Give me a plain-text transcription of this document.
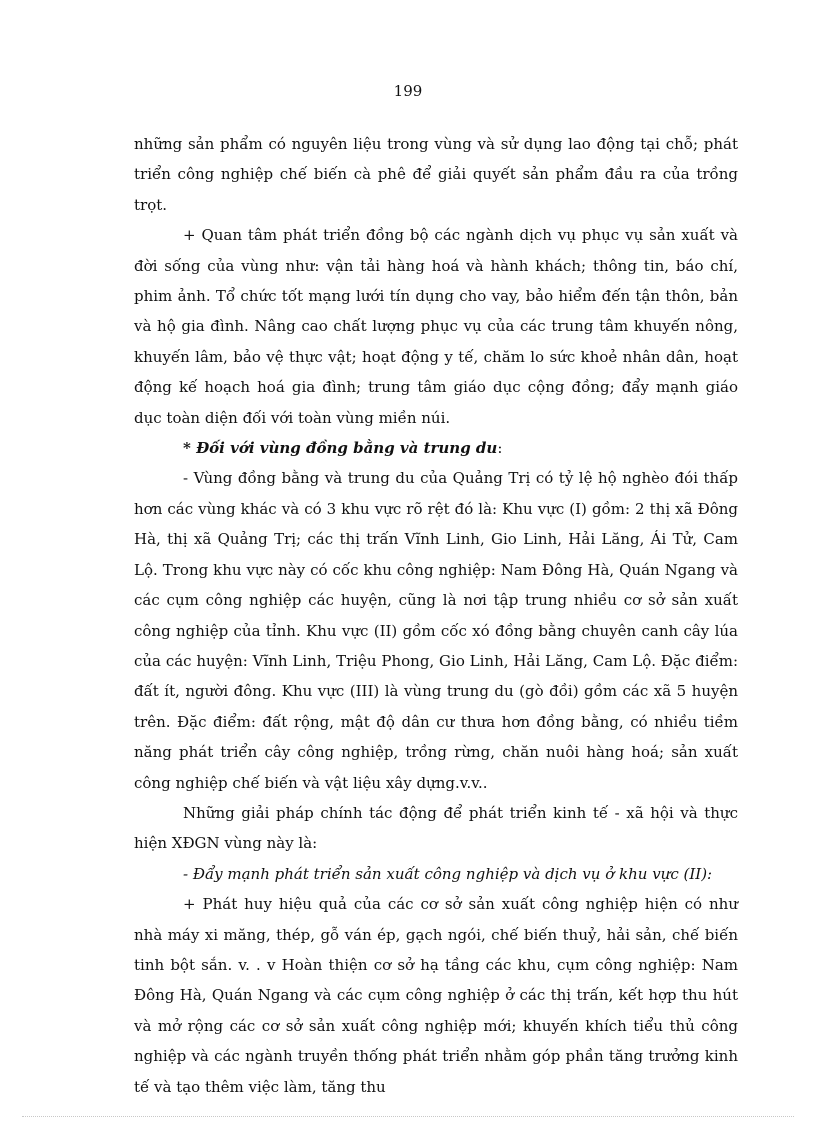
199

những sản phẩm có nguyên liệu trong vùng và sử dụng lao động tại chỗ; phát triển công nghiệp chế biến cà phê để giải quyết sản phẩm đầu ra của trồng trọt.

+ Quan tâm phát triển đồng bộ các ngành dịch vụ phục vụ sản xuất và đời sống của vùng như: vận tải hàng hoá và hành khách; thông tin, báo chí, phim ảnh. Tổ chức tốt mạng lưới tín dụng cho vay, bảo hiểm đến tận thôn, bản và hộ gia đình. Nâng cao chất lượng phục vụ của các trung tâm khuyến nông, khuyến lâm, bảo vệ thực vật; hoạt động y tế, chăm lo sức khoẻ nhân dân, hoạt động kế hoạch hoá gia đình; trung tâm giáo dục cộng đồng; đẩy mạnh giáo dục toàn diện đối với toàn vùng miền núi.

* Đối với vùng đồng bằng và trung du:

- Vùng đồng bằng và trung du của Quảng Trị có tỷ lệ hộ nghèo đói thấp hơn các vùng khác và có 3 khu vực rõ rệt đó là: Khu vực (I) gồm: 2 thị xã Đông Hà, thị xã Quảng Trị; các thị trấn Vĩnh Linh, Gio Linh, Hải Lăng, Ái Tử, Cam Lộ. Trong khu vực này có cốc khu công nghiệp: Nam Đông Hà, Quán Ngang và các cụm công nghiệp các huyện, cũng là nơi tập trung nhiều cơ sở sản xuất công nghiệp của tỉnh. Khu vực (II) gồm cốc xó đồng bằng chuyên canh cây lúa của các huyện: Vĩnh Linh, Triệu Phong, Gio Linh, Hải Lăng, Cam Lộ. Đặc điểm: đất ít, người đông. Khu vực (III) là vùng trung du (gò đồi) gồm các xã 5 huyện trên. Đặc điểm: đất rộng, mật độ dân cư thưa hơn đồng bằng, có nhiều tiềm năng phát triển cây công nghiệp, trồng rừng, chăn nuôi hàng hoá; sản xuất công nghiệp chế biến và vật liệu xây dựng.v.v..

Những giải pháp chính tác động để phát triển kinh tế - xã hội và thực hiện XĐGN vùng này là:

- Đẩy mạnh phát triển sản xuất công nghiệp và dịch vụ ở khu vực (II):

+ Phát huy hiệu quả của các cơ sở sản xuất công nghiệp hiện có như nhà máy xi măng, thép, gỗ ván ép, gạch ngói, chế biến thuỷ, hải sản, chế biến tinh bột sắn. v. . v Hoàn thiện cơ sở hạ tầng các khu, cụm công nghiệp: Nam Đông Hà, Quán Ngang và các cụm công nghiệp ở các thị trấn, kết hợp thu hút và mở rộng các cơ sở sản xuất công nghiệp mới; khuyến khích tiểu thủ công nghiệp và các ngành truyền thống phát triển nhằm góp phần tăng trưởng kinh tế và tạo thêm việc làm, tăng thu
